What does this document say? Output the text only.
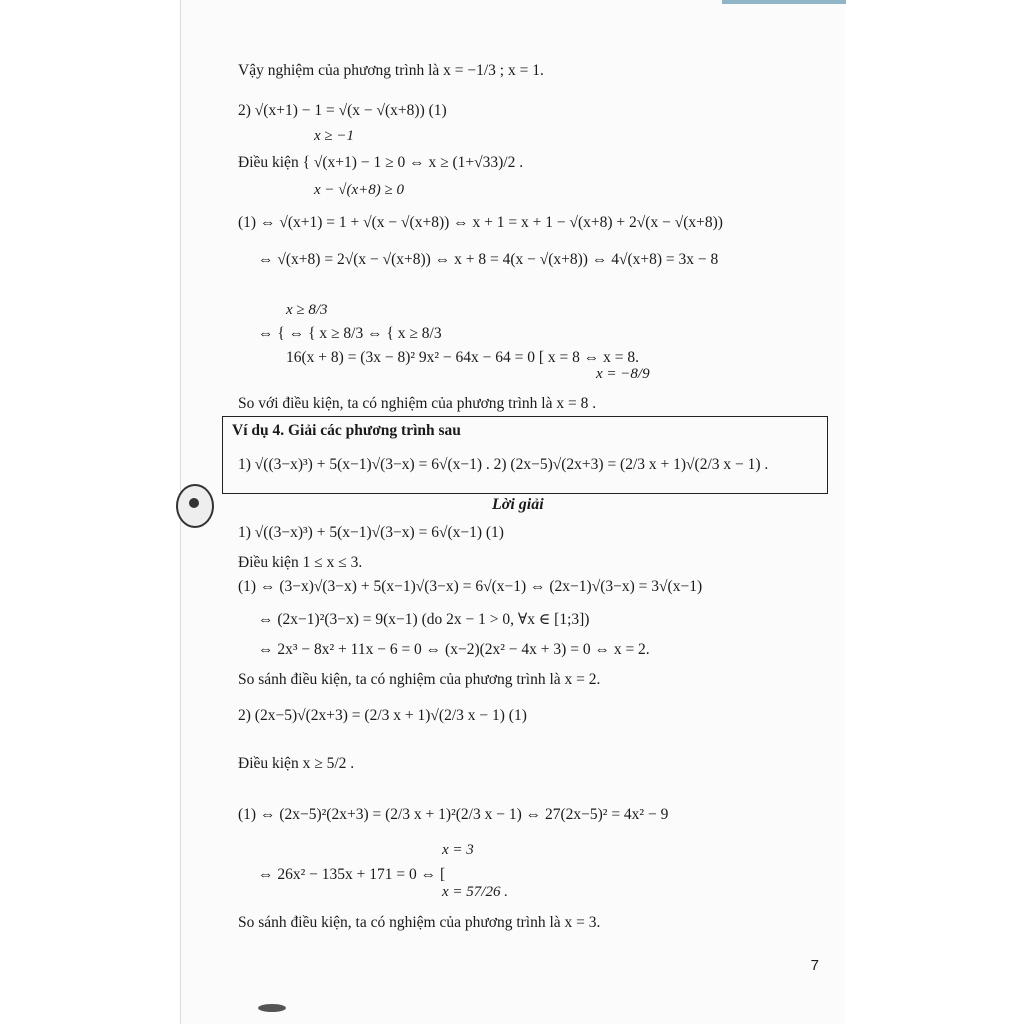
Vậy nghiệm của phương trình là x = −1/3 ; x = 1.
2) √(x+1) − 1 = √(x − √(x+8)) (1)
x ≥ −1
Điều kiện { √(x+1) − 1 ≥ 0 ⇔ x ≥ (1+√33)/2 .
x − √(x+8) ≥ 0
(1) ⇔ √(x+1) = 1 + √(x − √(x+8)) ⇔ x + 1 = x + 1 − √(x+8) + 2√(x − √(x+8))
⇔ √(x+8) = 2√(x − √(x+8)) ⇔ x + 8 = 4(x − √(x+8)) ⇔ 4√(x+8) = 3x − 8
x ≥ 8/3
⇔ { ⇔ { x ≥ 8/3 ⇔ { x ≥ 8/3
16(x + 8) = (3x − 8)² 9x² − 64x − 64 = 0 [ x = 8 ⇔ x = 8.
x = −8/9
So với điều kiện, ta có nghiệm của phương trình là x = 8 .
Ví dụ 4. Giải các phương trình sau
1) √((3−x)³) + 5(x−1)√(3−x) = 6√(x−1) . 2) (2x−5)√(2x+3) = (2/3 x + 1)√(2/3 x − 1) .
Lời giải
1) √((3−x)³) + 5(x−1)√(3−x) = 6√(x−1) (1)
Điều kiện 1 ≤ x ≤ 3.
(1) ⇔ (3−x)√(3−x) + 5(x−1)√(3−x) = 6√(x−1) ⇔ (2x−1)√(3−x) = 3√(x−1)
⇔ (2x−1)²(3−x) = 9(x−1) (do 2x − 1 > 0, ∀x ∈ [1;3])
⇔ 2x³ − 8x² + 11x − 6 = 0 ⇔ (x−2)(2x² − 4x + 3) = 0 ⇔ x = 2.
So sánh điều kiện, ta có nghiệm của phương trình là x = 2.
2) (2x−5)√(2x+3) = (2/3 x + 1)√(2/3 x − 1) (1)
Điều kiện x ≥ 5/2 .
(1) ⇔ (2x−5)²(2x+3) = (2/3 x + 1)²(2/3 x − 1) ⇔ 27(2x−5)² = 4x² − 9
x = 3
⇔ 26x² − 135x + 171 = 0 ⇔ [
x = 57/26 .
So sánh điều kiện, ta có nghiệm của phương trình là x = 3.
7
